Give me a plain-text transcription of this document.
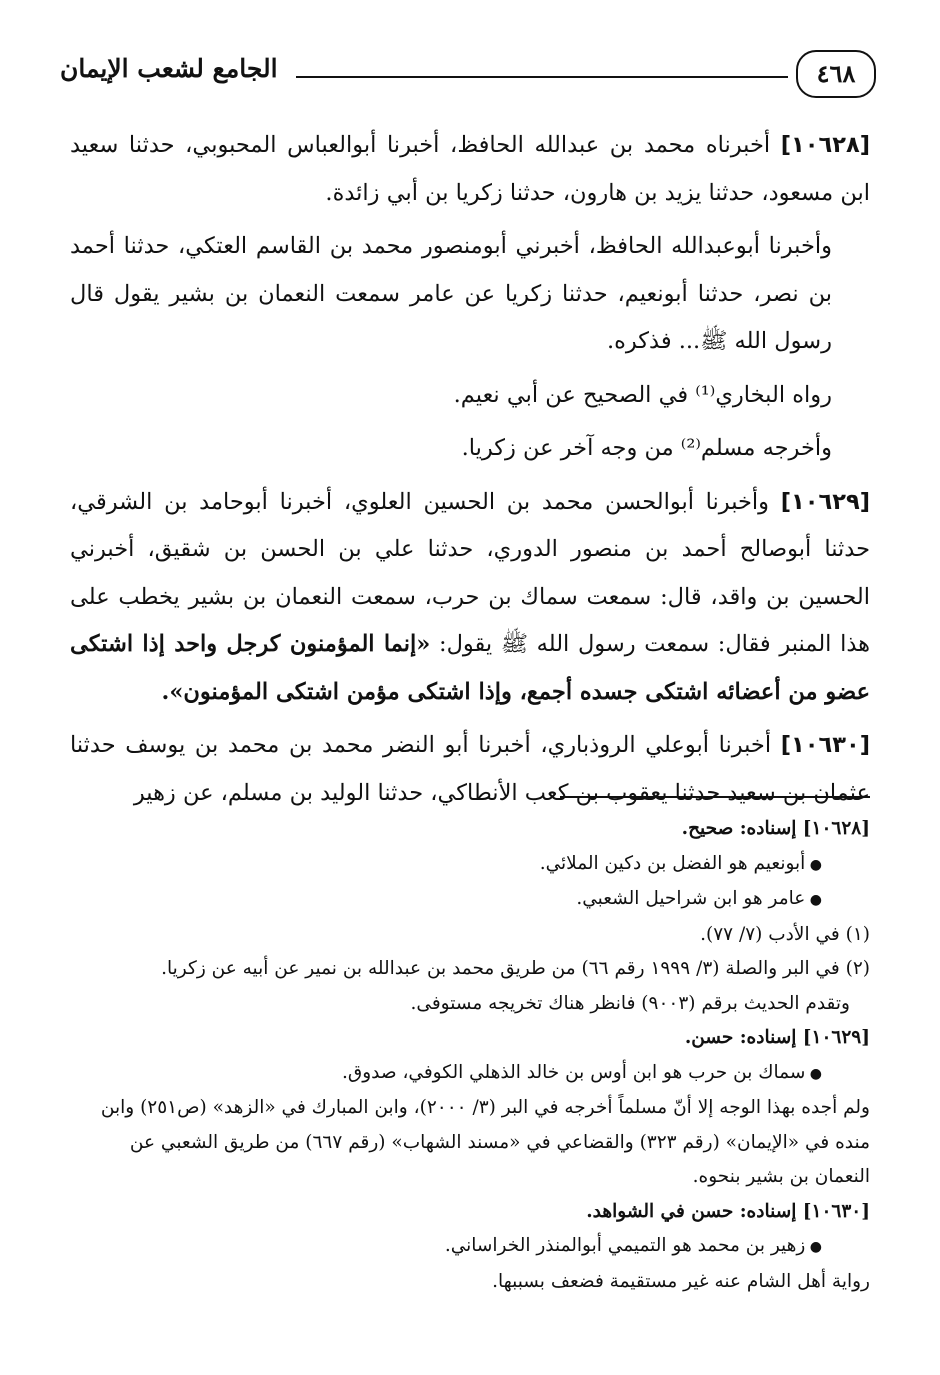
الجامع لشعب الإيمان	٤٦٨

[١٠٦٢٨] أخبرناه محمد بن عبدالله الحافظ، أخبرنا أبوالعباس المحبوبي، حدثنا سعيد ابن مسعود، حدثنا يزيد بن هارون، حدثنا زكريا بن أبي زائدة.

وأخبرنا أبوعبدالله الحافظ، أخبرني أبومنصور محمد بن القاسم العتكي، حدثنا أحمد بن نصر، حدثنا أبونعيم، حدثنا زكريا عن عامر سمعت النعمان بن بشير يقول قال رسول الله ﷺ... فذكره.

رواه البخاري⁽¹⁾ في الصحيح عن أبي نعيم.

وأخرجه مسلم⁽²⁾ من وجه آخر عن زكريا.

[١٠٦٢٩] وأخبرنا أبوالحسن محمد بن الحسين العلوي، أخبرنا أبوحامد بن الشرقي، حدثنا أبوصالح أحمد بن منصور الدوري، حدثنا علي بن الحسن بن شقيق، أخبرني الحسين بن واقد، قال: سمعت سماك بن حرب، سمعت النعمان بن بشير يخطب على هذا المنبر فقال: سمعت رسول الله ﷺ يقول: «إنما المؤمنون كرجل واحد إذا اشتكى عضو من أعضائه اشتكى جسده أجمع، وإذا اشتكى مؤمن اشتكى المؤمنون».

[١٠٦٣٠] أخبرنا أبوعلي الروذباري، أخبرنا أبو النضر محمد بن محمد بن يوسف حدثنا عثمان بن سعيد حدثنا يعقوب بن كعب الأنطاكي، حدثنا الوليد بن مسلم، عن زهير

[١٠٦٢٨] إسناده: صحيح.

● أبونعيم هو الفضل بن دكين الملائي.

● عامر هو ابن شراحيل الشعبي.

(١) في الأدب (٧/ ٧٧).

(٢) في البر والصلة (٣/ ١٩٩٩ رقم ٦٦) من طريق محمد بن عبدالله بن نمير عن أبيه عن زكريا.

وتقدم الحديث برقم (٩٠٠٣) فانظر هناك تخريجه مستوفى.

[١٠٦٢٩] إسناده: حسن.

● سماك بن حرب هو ابن أوس بن خالد الذهلي الكوفي، صدوق.

ولم أجده بهذا الوجه إلا أنّ مسلماً أخرجه في البر (٣/ ٢٠٠٠)، وابن المبارك في «الزهد» (ص٢٥١) وابن منده في «الإيمان» (رقم ٣٢٣) والقضاعي في «مسند الشهاب» (رقم ٦٦٧) من طريق الشعبي عن النعمان بن بشير بنحوه.

[١٠٦٣٠] إسناده: حسن في الشواهد.

● زهير بن محمد هو التميمي أبوالمنذر الخراساني.

رواية أهل الشام عنه غير مستقيمة فضعف بسببها.
